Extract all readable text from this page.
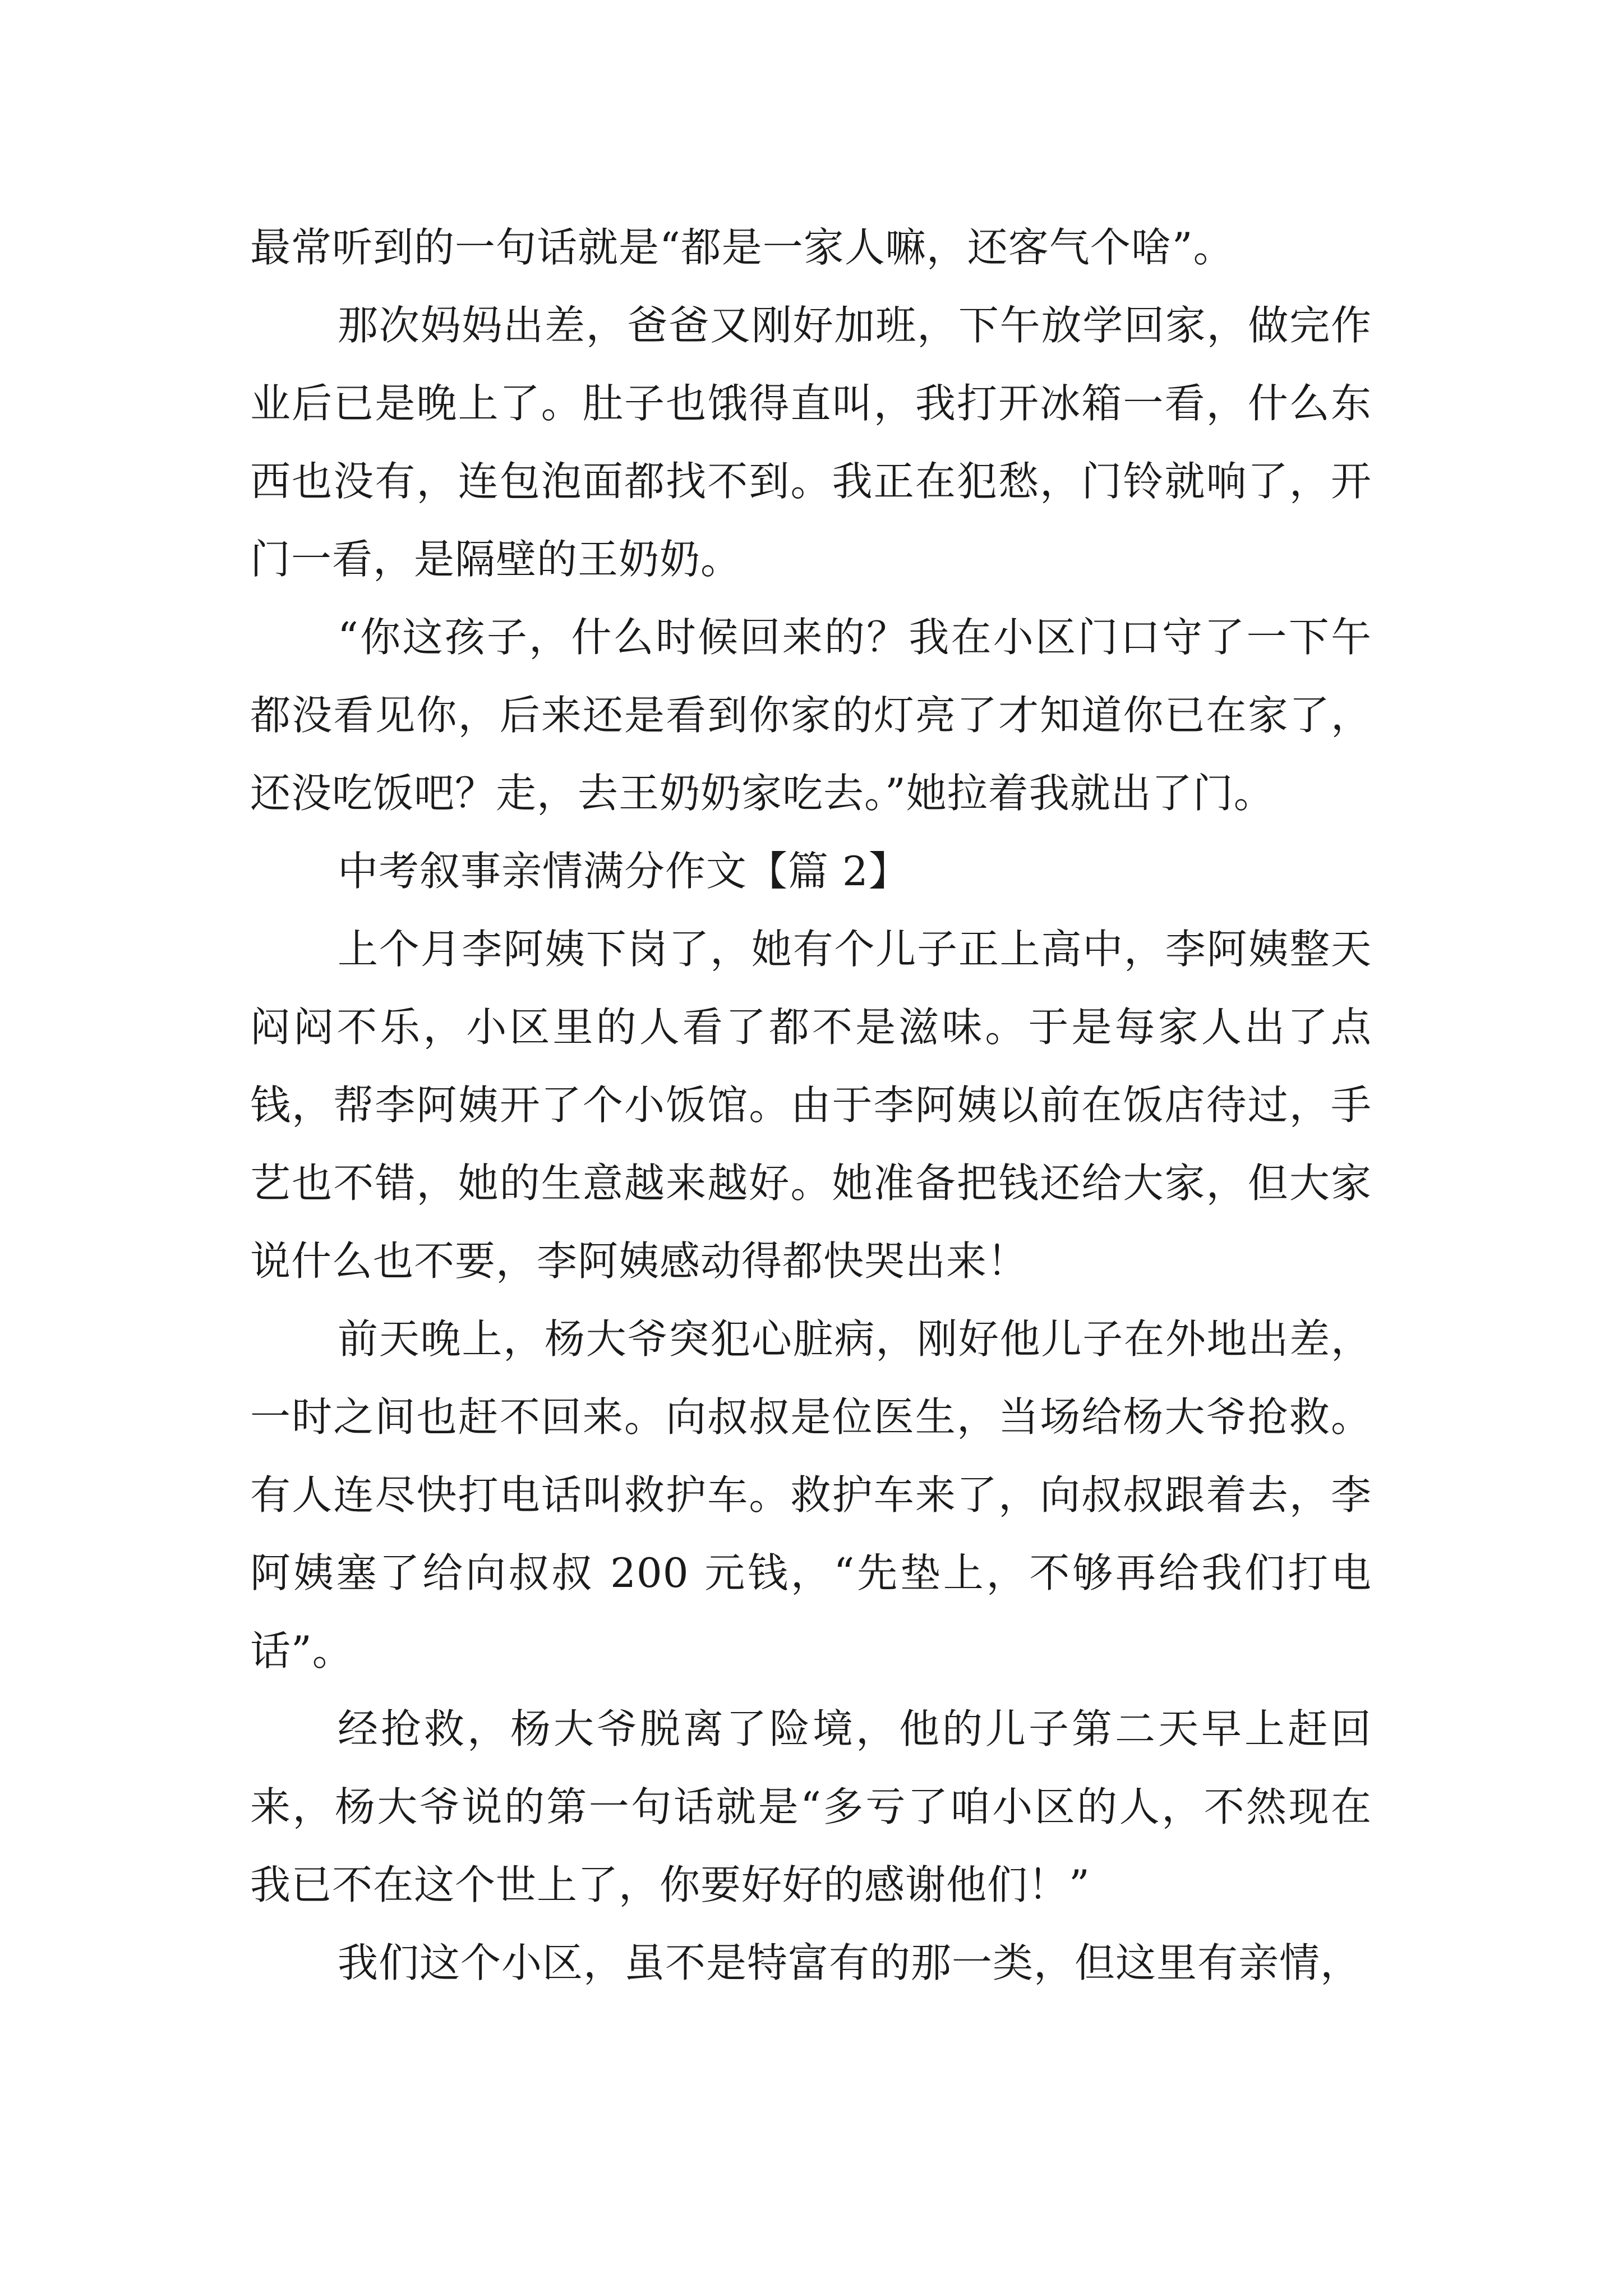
最常听到的一句话就是“都是一家人嘛，还客气个啥”。

那次妈妈出差，爸爸又刚好加班，下午放学回家，做完作业后已是晚上了。肚子也饿得直叫，我打开冰箱一看，什么东西也没有，连包泡面都找不到。我正在犯愁，门铃就响了，开门一看，是隔壁的王奶奶。

“你这孩子，什么时候回来的？我在小区门口守了一下午都没看见你，后来还是看到你家的灯亮了才知道你已在家了，还没吃饭吧？走，去王奶奶家吃去。”她拉着我就出了门。

中考叙事亲情满分作文【篇 2】

上个月李阿姨下岗了，她有个儿子正上高中，李阿姨整天闷闷不乐，小区里的人看了都不是滋味。于是每家人出了点钱，帮李阿姨开了个小饭馆。由于李阿姨以前在饭店待过，手艺也不错，她的生意越来越好。她准备把钱还给大家，但大家说什么也不要，李阿姨感动得都快哭出来！

前天晚上，杨大爷突犯心脏病，刚好他儿子在外地出差，一时之间也赶不回来。向叔叔是位医生，当场给杨大爷抢救。有人连尽快打电话叫救护车。救护车来了，向叔叔跟着去，李阿姨塞了给向叔叔 200 元钱，“先垫上，不够再给我们打电话”。

经抢救，杨大爷脱离了险境，他的儿子第二天早上赶回来，杨大爷说的第一句话就是“多亏了咱小区的人，不然现在我已不在这个世上了，你要好好的感谢他们！”

我们这个小区，虽不是特富有的那一类，但这里有亲情，
